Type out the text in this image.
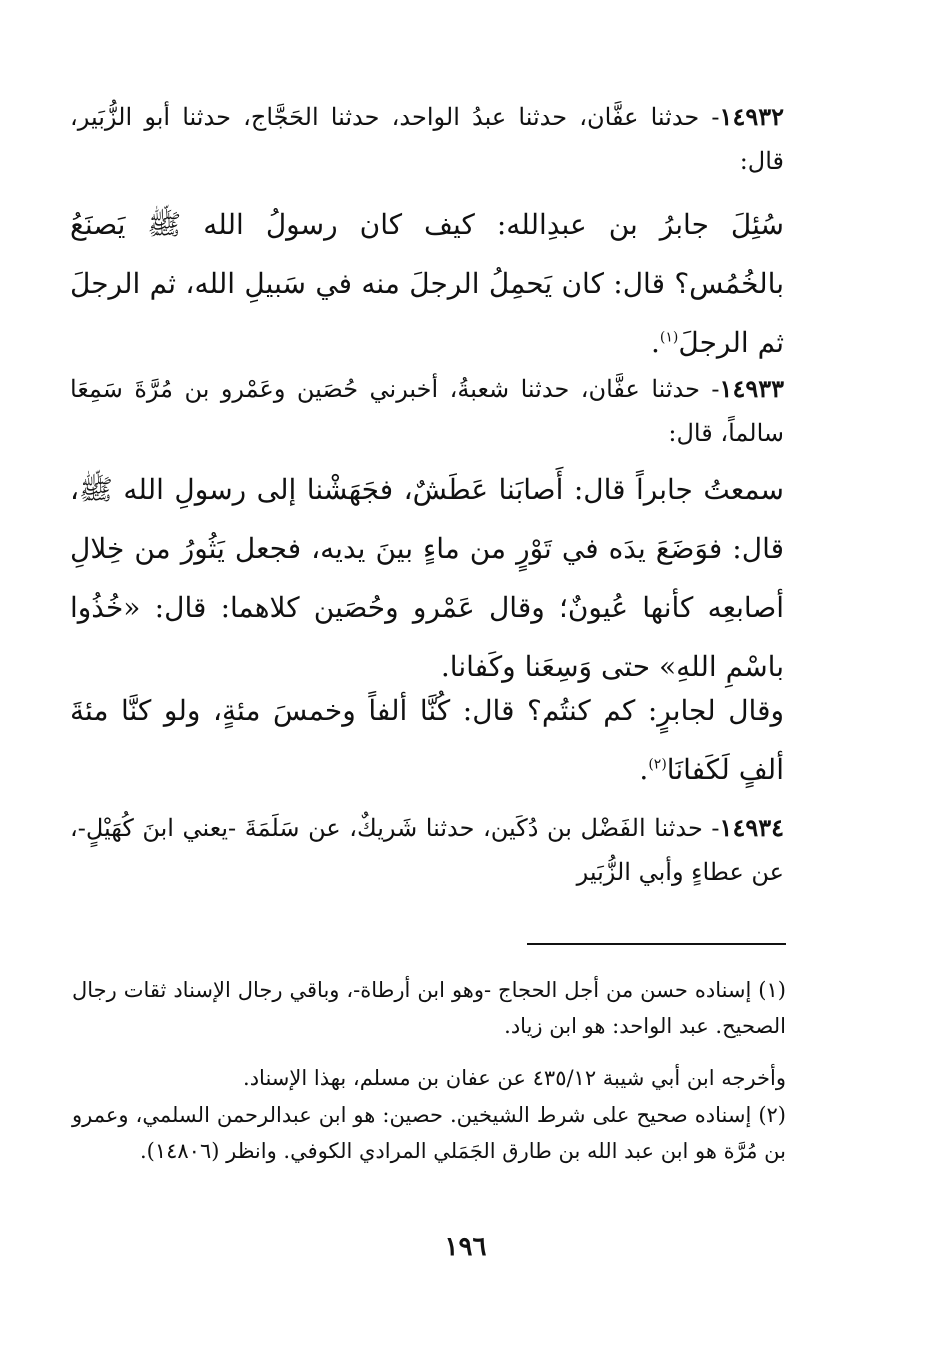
١٤٩٣٢- حدثنا عفَّان، حدثنا عبدُ الواحد، حدثنا الحَجَّاج، حدثنا أبو الزُّبَير، قال:
سُئِلَ جابرُ بن عبدِالله: كيف كان رسولُ الله ﷺ يَصنَعُ بالخُمُس؟ قال: كان يَحمِلُ الرجلَ منه في سَبيلِ الله، ثم الرجلَ ثم الرجلَ$^{(١)}$.
١٤٩٣٣- حدثنا عفَّان، حدثنا شعبةُ، أخبرني حُصَين وعَمْرو بن مُرَّةَ سَمِعَا سالماً، قال:
سمعتُ جابراً قال: أَصابَنا عَطَشٌ، فجَهَشْنا إلى رسولِ الله ﷺ، قال: فوَضَعَ يدَه في تَوْرٍ من ماءٍ بينَ يديه، فجعل يَثُورُ من خِلالِ أصابعِه كأنها عُيونٌ؛ وقال عَمْرو وحُصَين كلاهما: قال: «خُذُوا باسْمِ اللهِ» حتى وَسِعَنا وكَفانا.
وقال لجابرٍ: كم كنتُم؟ قال: كُنَّا ألفاً وخمسَ مئةٍ، ولو كنَّا مئةَ ألفٍ لَكَفانَا$^{(٢)}$.
١٤٩٣٤- حدثنا الفَضْل بن دُكَين، حدثنا شَريكٌ، عن سَلَمَةَ -يعني ابنَ كُهَيْلٍ-، عن عطاءٍ وأبي الزُّبَير
(١) إسناده حسن من أجل الحجاج -وهو ابن أرطاة-، وباقي رجال الإسناد ثقات رجال الصحيح. عبد الواحد: هو ابن زياد.
وأخرجه ابن أبي شيبة ٤٣٥/١٢ عن عفان بن مسلم، بهذا الإسناد.
(٢) إسناده صحيح على شرط الشيخين. حصين: هو ابن عبدالرحمن السلمي، وعمرو بن مُرَّة هو ابن عبد الله بن طارق الجَمَلي المرادي الكوفي. وانظر (١٤٨٠٦).
١٩٦
